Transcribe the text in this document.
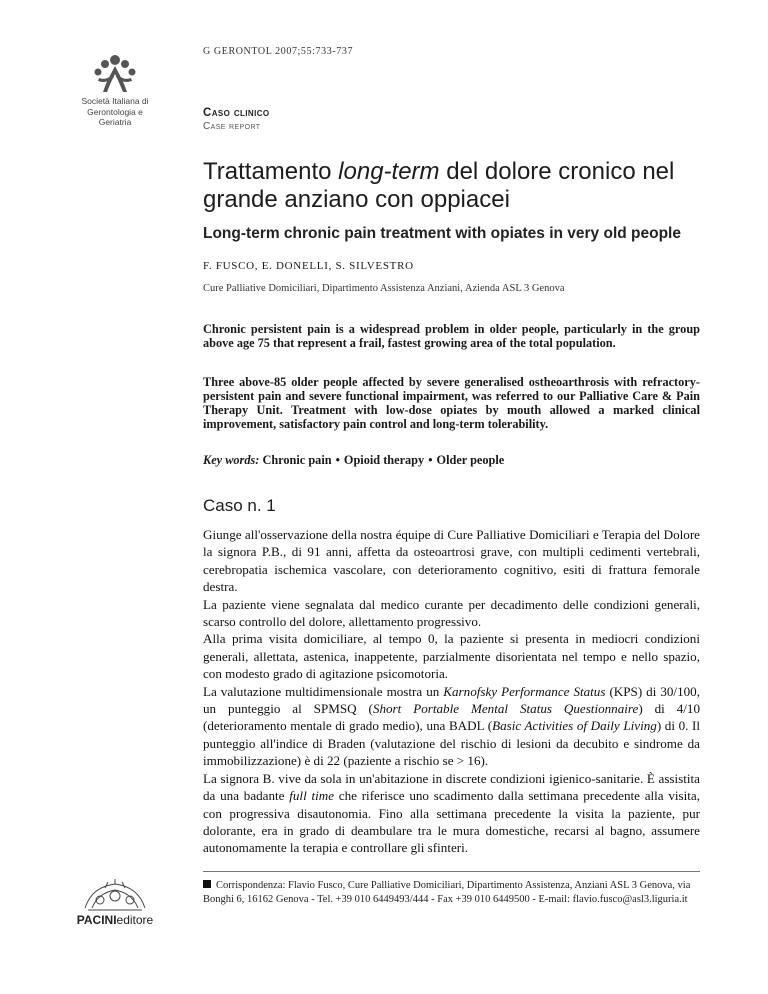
G GERONTOL 2007;55:733-737
Società Italiana di
Gerontologia e
Geriatria
Caso clinico
Case report
Trattamento long-term del dolore cronico nel grande anziano con oppiacei
Long-term chronic pain treatment with opiates in very old people
F. FUSCO, E. DONELLI, S. SILVESTRO
Cure Palliative Domiciliari, Dipartimento Assistenza Anziani, Azienda ASL 3 Genova
Chronic persistent pain is a widespread problem in older people, particularly in the group above age 75 that represent a frail, fastest growing area of the total population.
Three above-85 older people affected by severe generalised ostheoarthrosis with refractory-persistent pain and severe functional impairment, was referred to our Palliative Care & Pain Therapy Unit. Treatment with low-dose opiates by mouth allowed a marked clinical improvement, satisfactory pain control and long-term tolerability.
Key words: Chronic pain • Opioid therapy • Older people
Caso n. 1

Giunge all'osservazione della nostra équipe di Cure Palliative Domiciliari e Terapia del Dolore la signora P.B., di 91 anni, affetta da osteoartrosi grave, con multipli cedimenti vertebrali, cerebropatia ischemica vascolare, con deterioramento cognitivo, esiti di frattura femorale destra.

La paziente viene segnalata dal medico curante per decadimento delle condizioni generali, scarso controllo del dolore, allettamento progressivo.

Alla prima visita domiciliare, al tempo 0, la paziente si presenta in mediocri condizioni generali, allettata, astenica, inappetente, parzialmente disorientata nel tempo e nello spazio, con modesto grado di agitazione psicomotoria.

La valutazione multidimensionale mostra un Karnofsky Performance Status (KPS) di 30/100, un punteggio al SPMSQ (Short Portable Mental Status Questionnaire) di 4/10 (deterioramento mentale di grado medio), una BADL (Basic Activities of Daily Living) di 0. Il punteggio all'indice di Braden (valutazione del rischio di lesioni da decubito e sindrome da immobilizzazione) è di 22 (paziente a rischio se > 16).

La signora B. vive da sola in un'abitazione in discrete condizioni igienico-sanitarie. È assistita da una badante full time che riferisce uno scadimento dalla settimana precedente alla visita, con progressiva disautonomia. Fino alla settimana precedente la visita la paziente, pur dolorante, era in grado di deambulare tra le mura domestiche, recarsi al bagno, assumere autonomamente la terapia e controllare gli sfinteri.

Corrispondenza: Flavio Fusco, Cure Palliative Domiciliari, Dipartimento Assistenza, Anziani ASL 3 Genova, via Bonghi 6, 16162 Genova - Tel. +39 010 6449493/444 - Fax +39 010 6449500 - E-mail: flavio.fusco@asl3.liguria.it
PACINIeditore
